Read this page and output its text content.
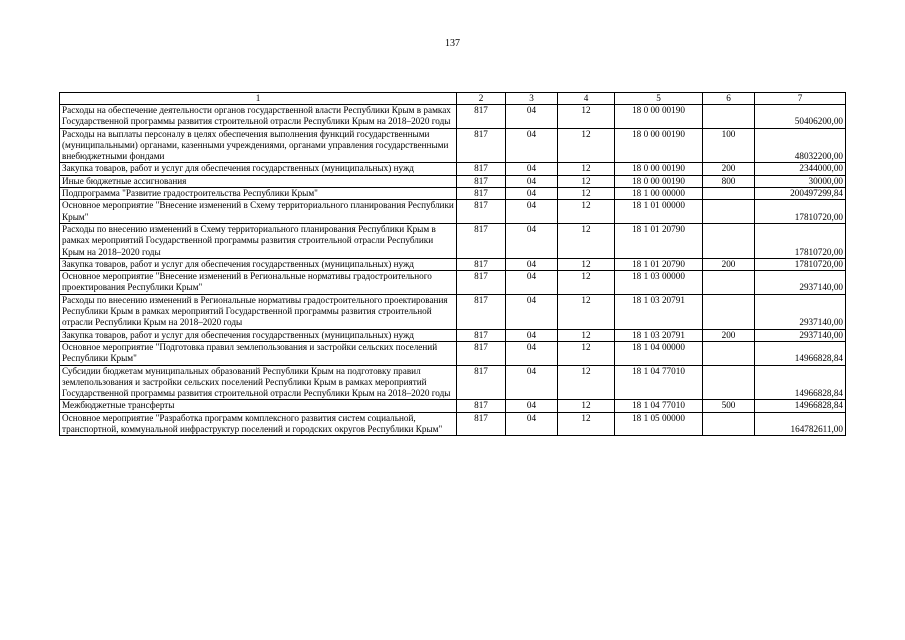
137
1	2	3	4	5	6	7
Расходы на обеспечение деятельности органов государственной власти Республики Крым в рамках Государственной программы развития строительной отрасли Республики Крым на 2018–2020 годы	817	04	12	18 0 00 00190		50406200,00
Расходы на выплаты персоналу в целях обеспечения выполнения функций государственными (муниципальными) органами, казенными учреждениями, органами управления государственными внебюджетными фондами	817	04	12	18 0 00 00190	100	48032200,00
Закупка товаров, работ и услуг для обеспечения государственных (муниципальных) нужд	817	04	12	18 0 00 00190	200	2344000,00
Иные бюджетные ассигнования	817	04	12	18 0 00 00190	800	30000,00
Подпрограмма "Развитие градостроительства Республики Крым"	817	04	12	18 1 00 00000		200497299,84
Основное мероприятие "Внесение изменений в Схему территориального планирования Республики Крым"	817	04	12	18 1 01 00000		17810720,00
Расходы по внесению изменений в Схему территориального планирования Республики Крым в рамках мероприятий Государственной программы развития строительной отрасли Республики Крым на 2018–2020 годы	817	04	12	18 1 01 20790		17810720,00
Закупка товаров, работ и услуг для обеспечения государственных (муниципальных) нужд	817	04	12	18 1 01 20790	200	17810720,00
Основное мероприятие "Внесение изменений в Региональные нормативы градостроительного проектирования Республики Крым"	817	04	12	18 1 03 00000		2937140,00
Расходы по внесению изменений в Региональные нормативы градостроительного проектирования Республики Крым в рамках мероприятий Государственной программы развития строительной отрасли Республики Крым на 2018–2020 годы	817	04	12	18 1 03 20791		2937140,00
Закупка товаров, работ и услуг для обеспечения государственных (муниципальных) нужд	817	04	12	18 1 03 20791	200	2937140,00
Основное мероприятие "Подготовка правил землепользования и застройки сельских поселений Республики Крым"	817	04	12	18 1 04 00000		14966828,84
Субсидии бюджетам муниципальных образований Республики Крым на подготовку правил землепользования и застройки сельских поселений Республики Крым в рамках мероприятий Государственной программы развития строительной отрасли Республики Крым на 2018–2020 годы	817	04	12	18 1 04 77010		14966828,84
Межбюджетные трансферты	817	04	12	18 1 04 77010	500	14966828,84
Основное мероприятие "Разработка программ комплексного развития систем социальной, транспортной, коммунальной инфраструктур поселений и городских округов Республики Крым"	817	04	12	18 1 05 00000		164782611,00
